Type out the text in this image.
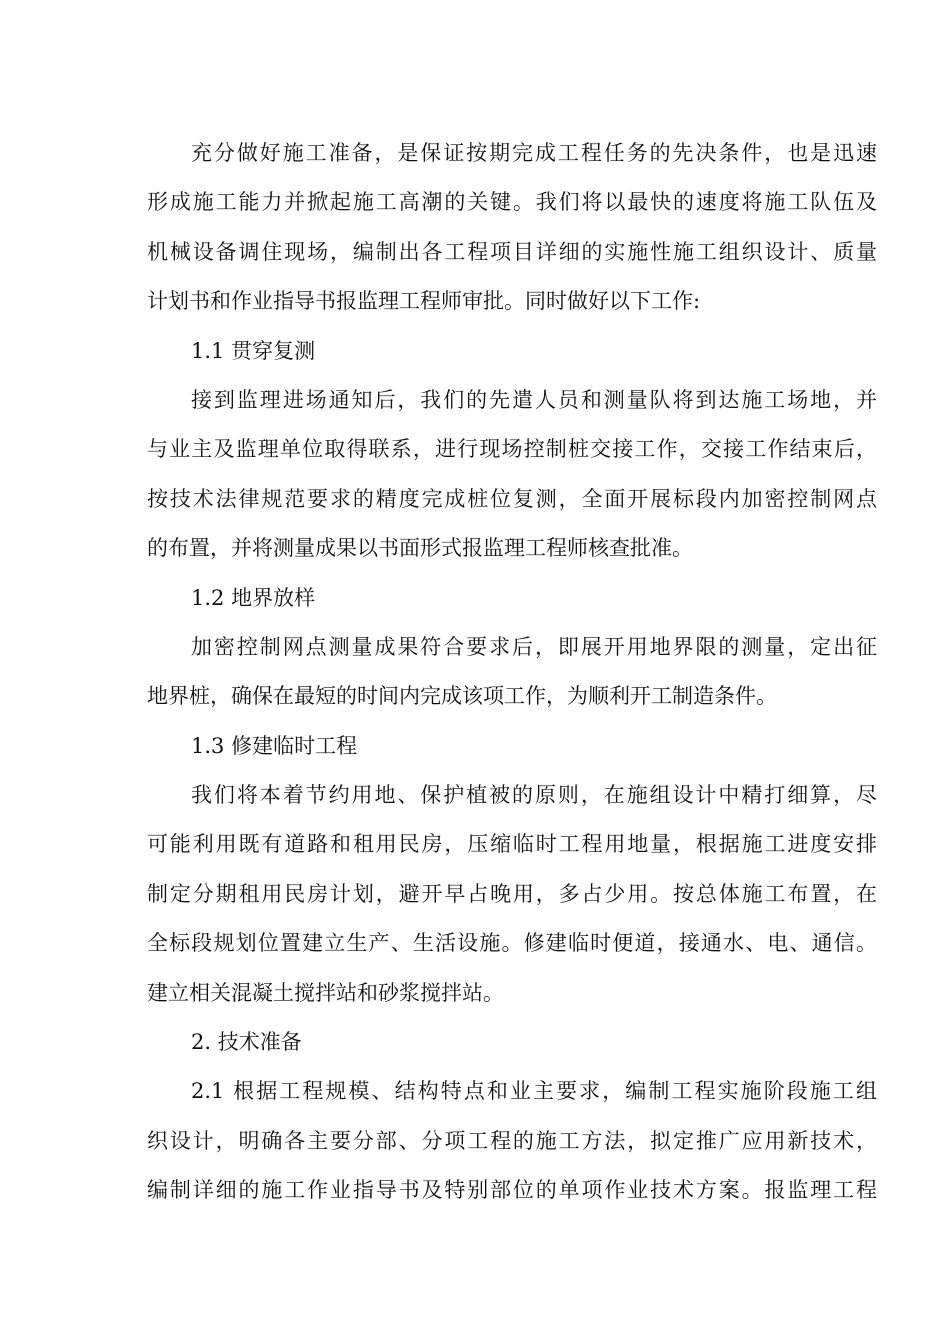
充分做好施工准备，是保证按期完成工程任务的先决条件，也是迅速
形成施工能力并掀起施工高潮的关键。我们将以最快的速度将施工队伍及
机械设备调住现场，编制出各工程项目详细的实施性施工组织设计、质量
计划书和作业指导书报监理工程师审批。同时做好以下工作:
1.1 贯穿复测
接到监理进场通知后，我们的先遣人员和测量队将到达施工场地，并
与业主及监理单位取得联系，进行现场控制桩交接工作，交接工作结束后，
按技术法律规范要求的精度完成桩位复测，全面开展标段内加密控制网点
的布置，并将测量成果以书面形式报监理工程师核查批准。
1.2 地界放样
加密控制网点测量成果符合要求后，即展开用地界限的测量，定出征
地界桩，确保在最短的时间内完成该项工作，为顺利开工制造条件。
1.3 修建临时工程
我们将本着节约用地、保护植被的原则，在施组设计中精打细算，尽
可能利用既有道路和租用民房，压缩临时工程用地量，根据施工进度安排
制定分期租用民房计划，避开早占晚用，多占少用。按总体施工布置，在
全标段规划位置建立生产、生活设施。修建临时便道，接通水、电、通信。
建立相关混凝土搅拌站和砂浆搅拌站。
2. 技术准备
2.1 根据工程规模、结构特点和业主要求，编制工程实施阶段施工组
织设计，明确各主要分部、分项工程的施工方法，拟定推广应用新技术，
编制详细的施工作业指导书及特别部位的单项作业技术方案。报监理工程
